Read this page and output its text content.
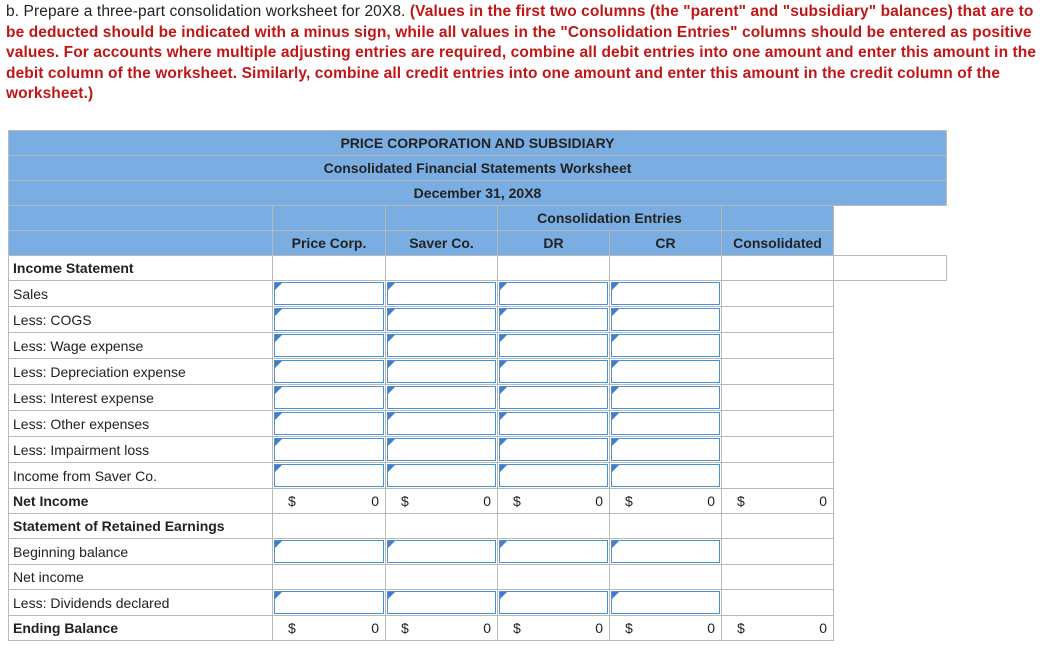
b. Prepare a three-part consolidation worksheet for 20X8. (Values in the first two columns (the "parent" and "subsidiary" balances) that are to be deducted should be indicated with a minus sign, while all values in the "Consolidation Entries" columns should be entered as positive values. For accounts where multiple adjusting entries are required, combine all debit entries into one amount and enter this amount in the debit column of the worksheet. Similarly, combine all credit entries into one amount and enter this amount in the credit column of the worksheet.)
PRICE CORPORATION AND SUBSIDIARY						
Consolidated Financial Statements Worksheet						
December 31, 20X8						
			Consolidation Entries			
	Price Corp.	Saver Co.	DR	CR	Consolidated	
Income Statement						
Sales		

Less: COGS		

Less: Wage expense		

Less: Depreciation expense		

Less: Interest expense		

Less: Other expenses		

Less: Impairment loss		

Income from Saver Co.		

Net Income	$ 0	$ 0	$ 0	$ 0	$ 0	

Statement of Retained Earnings						
Beginning balance		

Net income						
Less: Dividends declared		

Ending Balance	$ 0	$ 0	$ 0	$ 0	$ 0	
